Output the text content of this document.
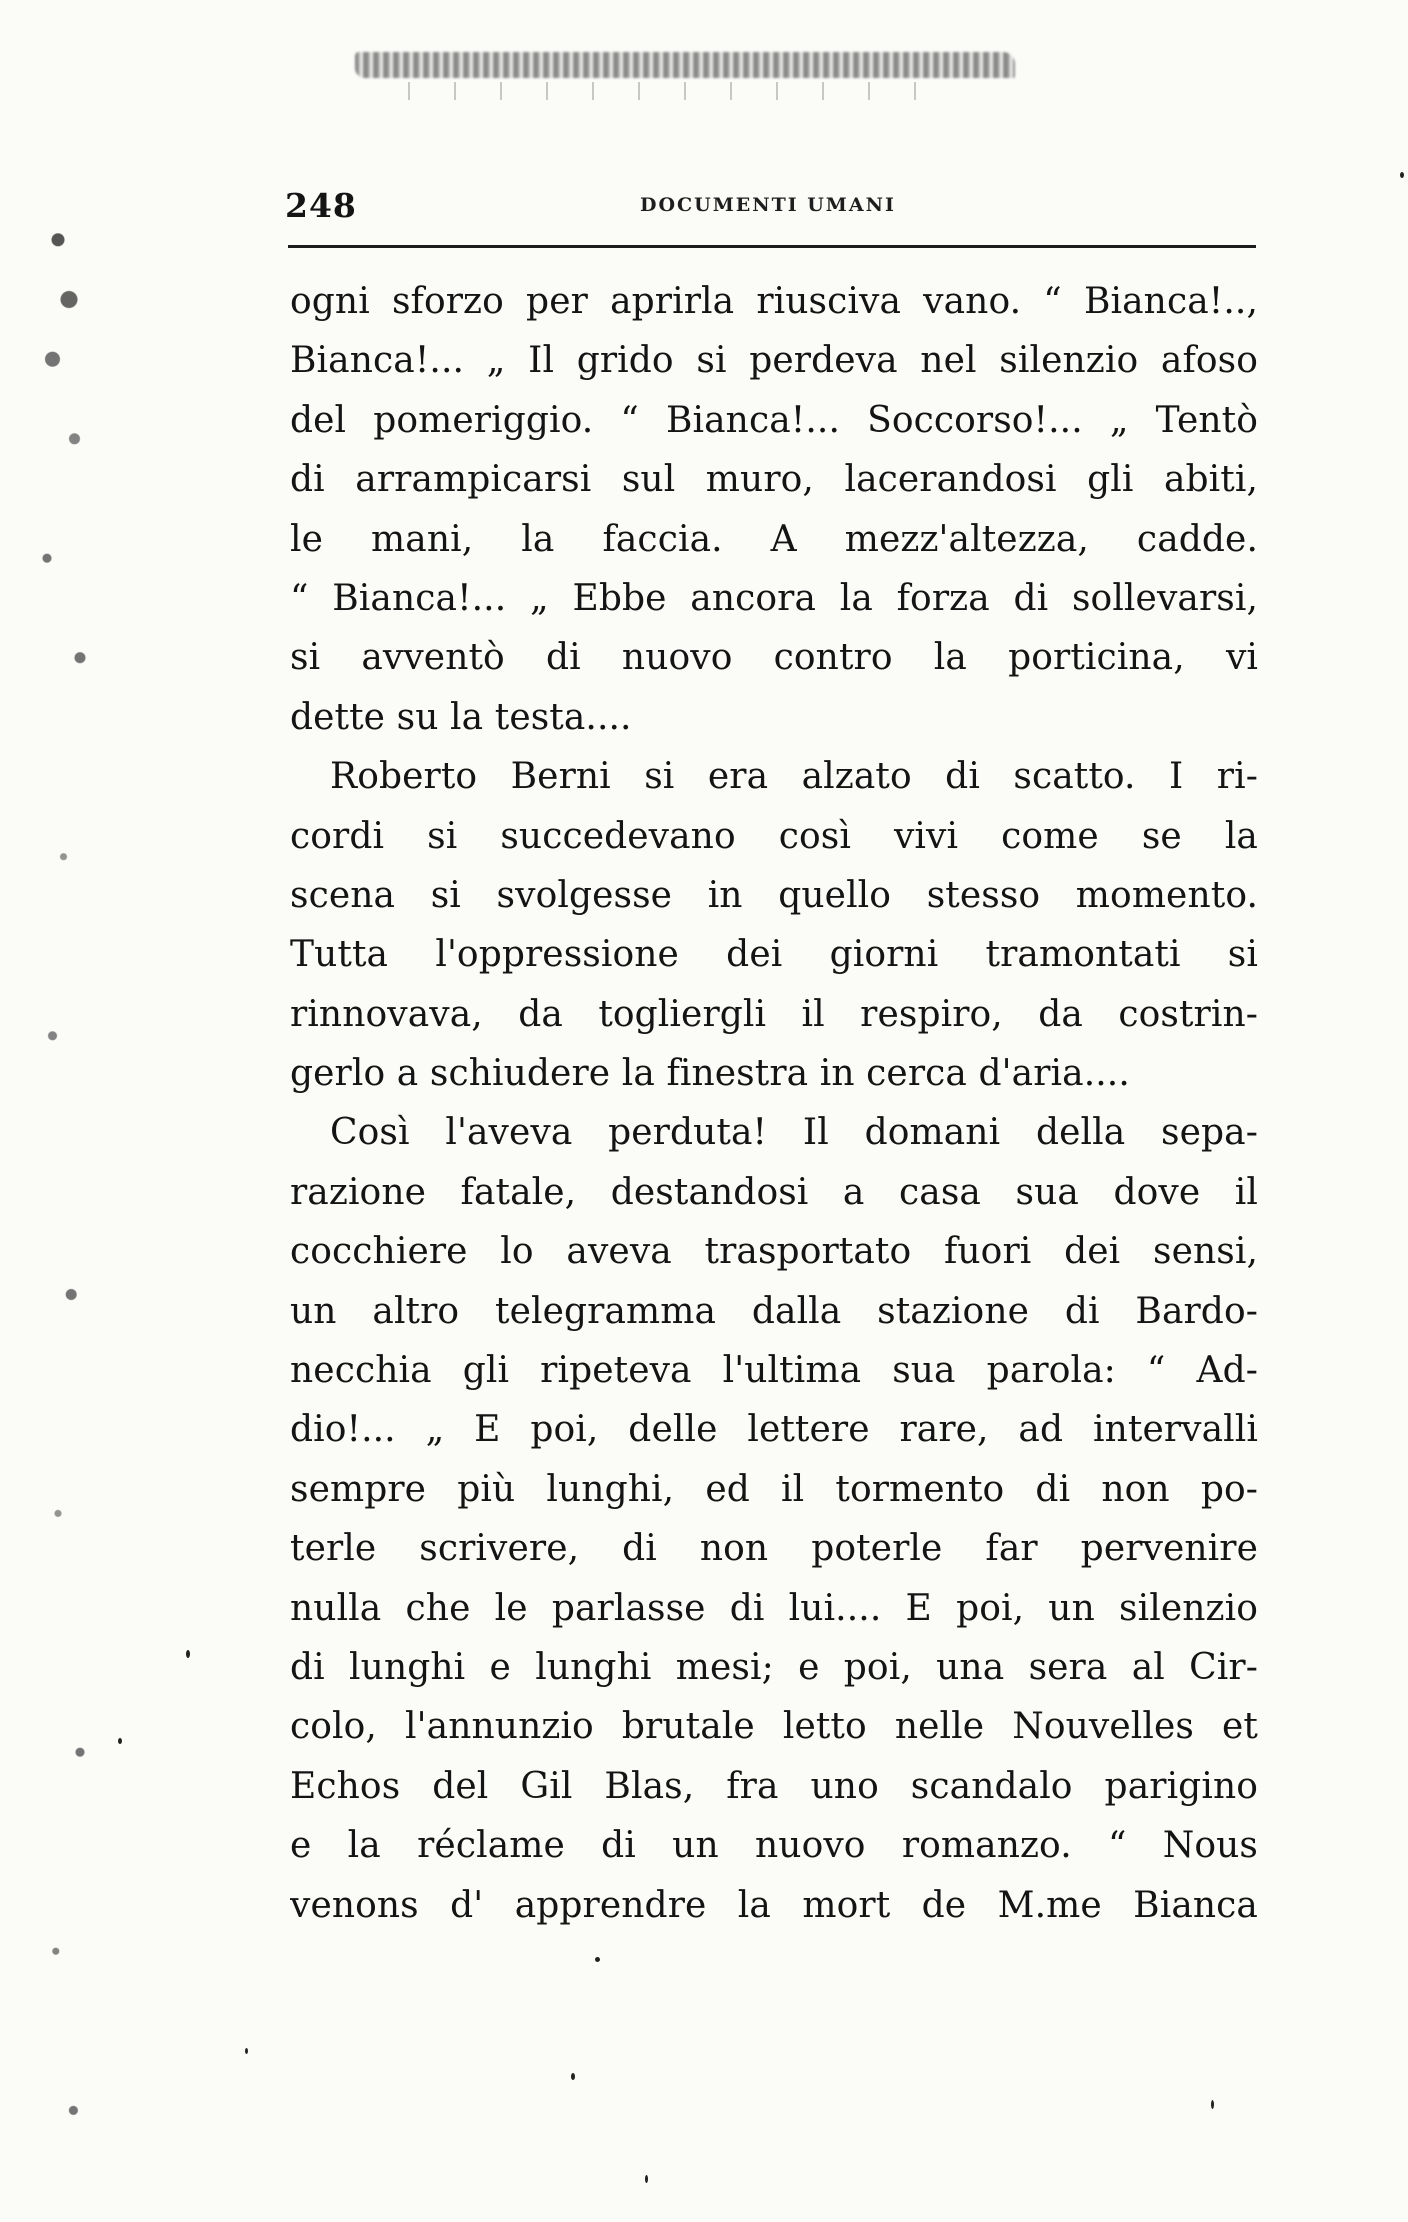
248	DOCUMENTI UMANI
ogni sforzo per aprirla riusciva vano. “ Bianca!..,
Bianca!... „ Il grido si perdeva nel silenzio afoso
del pomeriggio. “ Bianca!... Soccorso!... „ Tentò
di arrampicarsi sul muro, lacerandosi gli abiti,
le mani, la faccia. A mezz'altezza, cadde.
“ Bianca!... „ Ebbe ancora la forza di sollevarsi,
si avventò di nuovo contro la porticina, vi
dette su la testa....
Roberto Berni si era alzato di scatto. I ri-
cordi si succedevano così vivi come se la
scena si svolgesse in quello stesso momento.
Tutta l'oppressione dei giorni tramontati si
rinnovava, da togliergli il respiro, da costrin-
gerlo a schiudere la finestra in cerca d'aria....
Così l'aveva perduta! Il domani della sepa-
razione fatale, destandosi a casa sua dove il
cocchiere lo aveva trasportato fuori dei sensi,
un altro telegramma dalla stazione di Bardo-
necchia gli ripeteva l'ultima sua parola: “ Ad-
dio!... „ E poi, delle lettere rare, ad intervalli
sempre più lunghi, ed il tormento di non po-
terle scrivere, di non poterle far pervenire
nulla che le parlasse di lui.... E poi, un silenzio
di lunghi e lunghi mesi; e poi, una sera al Cir-
colo, l'annunzio brutale letto nelle Nouvelles et
Echos del Gil Blas, fra uno scandalo parigino
e la réclame di un nuovo romanzo. “ Nous
venons d' apprendre la mort de M.me Bianca
